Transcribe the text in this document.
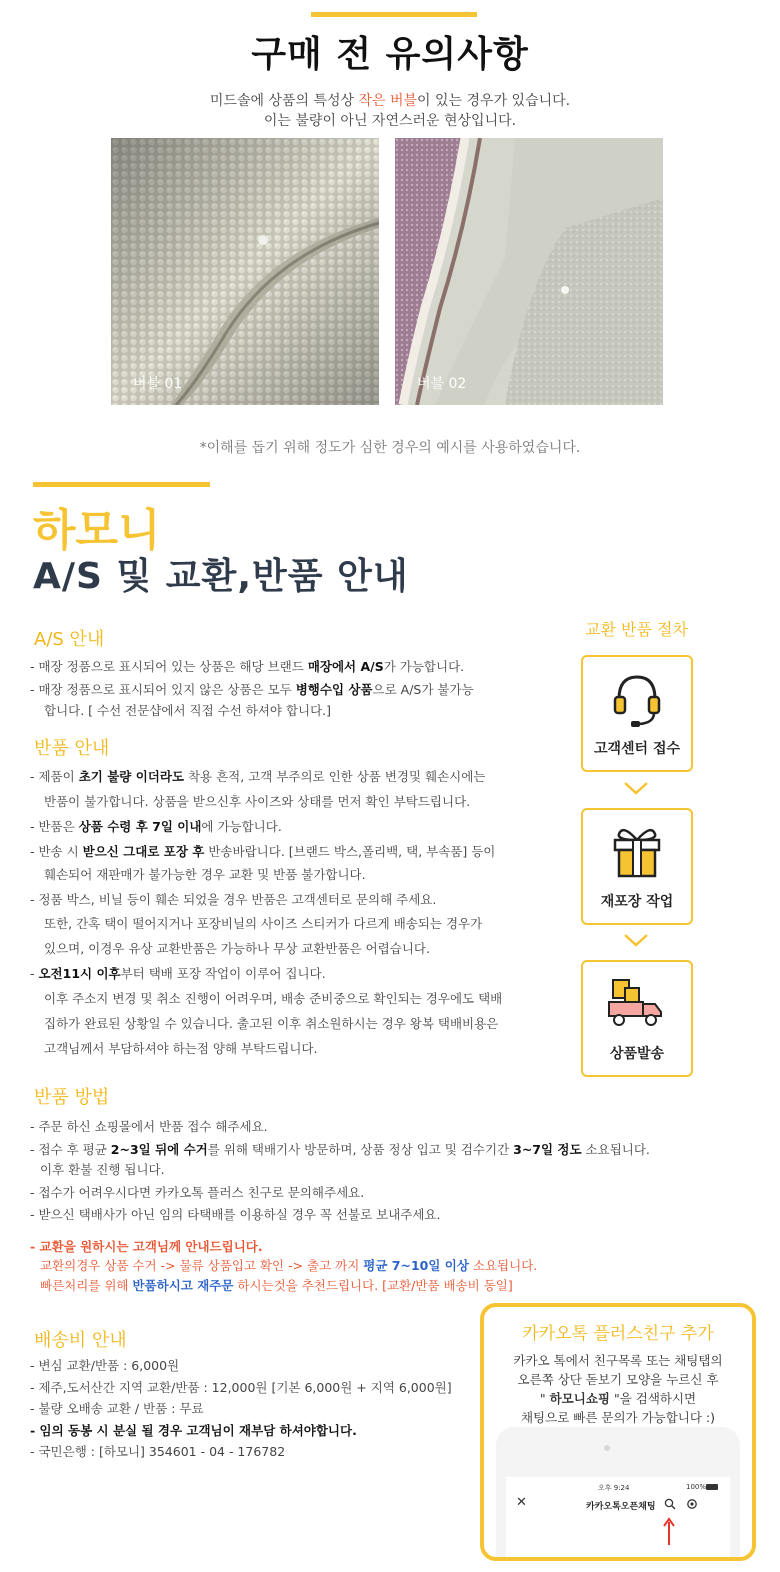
구매 전 유의사항
미드솔에 상품의 특성상 작은 버블이 있는 경우가 있습니다.
이는 불량이 아닌 자연스러운 현상입니다.
버블 01	버블 02
*이해를 돕기 위해 정도가 심한 경우의 예시를 사용하였습니다.
하모니
A/S 및 교환,반품 안내
A/S 안내
- 매장 정품으로 표시되어 있는 상품은 해당 브랜드 매장에서 A/S가 가능합니다.
- 매장 정품으로 표시되어 있지 않은 상품은 모두 병행수입 상품으로 A/S가 불가능
합니다. [ 수선 전문샵에서 직접 수선 하셔야 합니다.]
반품 안내
- 제품이 초기 불량 이더라도 착용 흔적, 고객 부주의로 인한 상품 변경및 훼손시에는
반품이 불가합니다. 상품을 받으신후 사이즈와 상태를 먼저 확인 부탁드립니다.
- 반품은 상품 수령 후 7일 이내에 가능합니다.
- 반송 시 받으신 그대로 포장 후 반송바랍니다. [브랜드 박스,폴리백, 택, 부속품] 등이
훼손되어 재판매가 불가능한 경우 교환 및 반품 불가합니다.
- 정품 박스, 비닐 등이 훼손 되었을 경우 반품은 고객센터로 문의해 주세요.
또한, 간혹 택이 떨어지거나 포장비닐의 사이즈 스티커가 다르게 배송되는 경우가
있으며, 이경우 유상 교환반품은 가능하나 무상 교환반품은 어렵습니다.
- 오전11시 이후부터 택배 포장 작업이 이루어 집니다.
이후 주소지 변경 및 취소 진행이 어려우며, 배송 준비중으로 확인되는 경우에도 택배
집하가 완료된 상황일 수 있습니다. 출고된 이후 취소원하시는 경우 왕복 택배비용은
고객님께서 부담하셔야 하는점 양해 부탁드립니다.
반품 방법
- 주문 하신 쇼핑몰에서 반품 접수 해주세요.
- 접수 후 평균 2~3일 뒤에 수거를 위해 택배기사 방문하며, 상품 정상 입고 및 검수기간 3~7일 정도 소요됩니다.
이후 환불 진행 됩니다.
- 접수가 어려우시다면 카카오톡 플러스 친구로 문의해주세요.
- 받으신 택배사가 아닌 임의 타택배를 이용하실 경우 꼭 선불로 보내주세요.
- 교환을 원하시는 고객님께 안내드립니다.
교환의경우 상품 수거 -> 물류 상품입고 확인 -> 출고 까지 평균 7~10일 이상 소요됩니다.
빠른처리를 위해 반품하시고 재주문 하시는것을 추천드립니다. [교환/반품 배송비 동일]
배송비 안내
- 변심 교환/반품 : 6,000원
- 제주,도서산간 지역 교환/반품 : 12,000원 [기본 6,000원 + 지역 6,000원]
- 불량 오배송 교환 / 반품 : 무료
- 임의 동봉 시 분실 될 경우 고객님이 재부담 하셔야합니다.
- 국민은행 : [하모니] 354601 - 04 - 176782
교환 반품 절차
고객센터 접수
재포장 작업
상품발송
카카오톡 플러스친구 추가
카카오 톡에서 친구목록 또는 채팅탭의
오른쪽 상단 돋보기 모양을 누르신 후
" 하모니쇼핑 "을 검색하시면
채팅으로 빠른 문의가 가능합니다 :)
오후 9:24	100%
✕	카카오톡오픈채팅
